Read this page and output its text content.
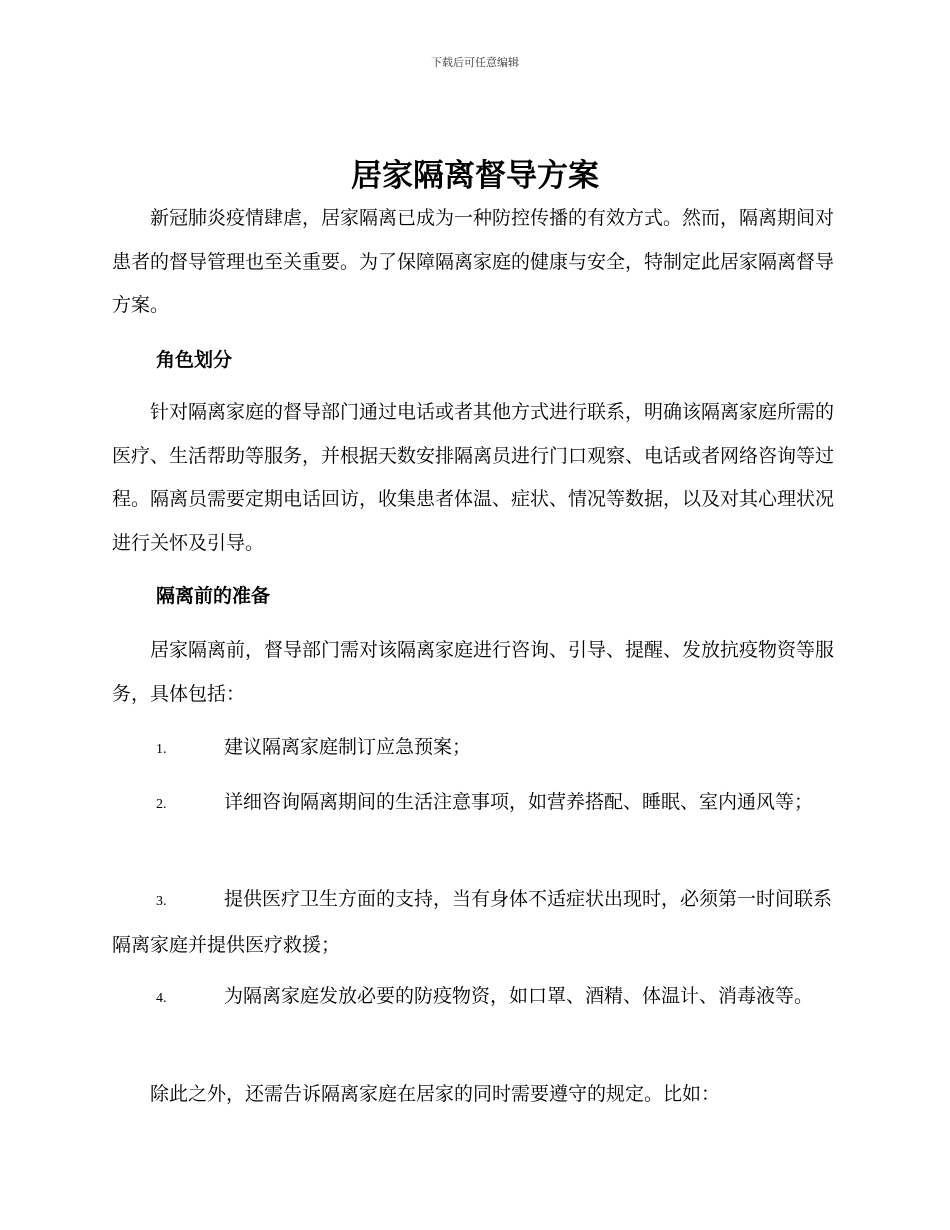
下载后可任意编辑
居家隔离督导方案

新冠肺炎疫情肆虐，居家隔离已成为一种防控传播的有效方式。然而，隔离期间对患者的督导管理也至关重要。为了保障隔离家庭的健康与安全，特制定此居家隔离督导方案。

角色划分

针对隔离家庭的督导部门通过电话或者其他方式进行联系，明确该隔离家庭所需的医疗、生活帮助等服务，并根据天数安排隔离员进行门口观察、电话或者网络咨询等过程。隔离员需要定期电话回访，收集患者体温、症状、情况等数据，以及对其心理状况进行关怀及引导。

隔离前的准备

居家隔离前，督导部门需对该隔离家庭进行咨询、引导、提醒、发放抗疫物资等服务，具体包括：

1.	建议隔离家庭制订应急预案；

2.	详细咨询隔离期间的生活注意事项，如营养搭配、睡眠、室内通风等；

3.	提供医疗卫生方面的支持，当有身体不适症状出现时，必须第一时间联系隔离家庭并提供医疗救援；

4.	为隔离家庭发放必要的防疫物资，如口罩、酒精、体温计、消毒液等。

除此之外，还需告诉隔离家庭在居家的同时需要遵守的规定。比如：
